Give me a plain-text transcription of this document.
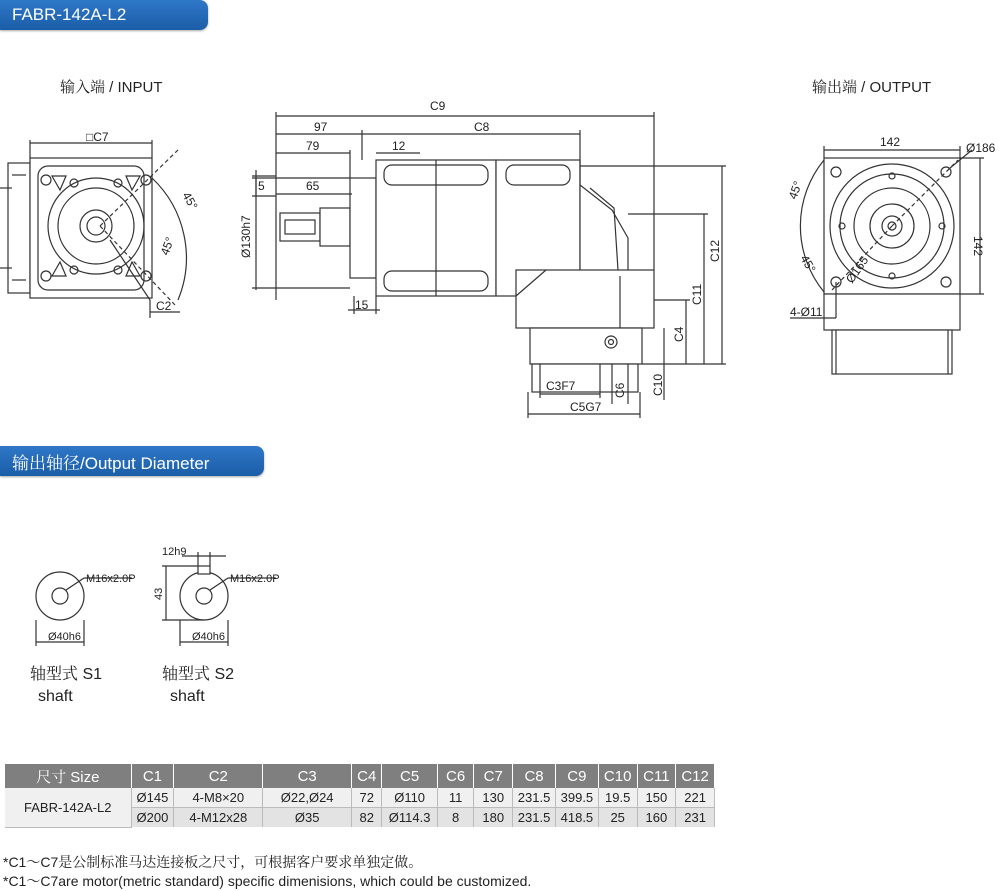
FABR-142A-L2
输入端 / INPUT	输出端 / OUTPUT
□C7
45°
45°
C2
C9
97	C8
79	12
5	65
Ø130h7	C12
C11
C4
15
C3F7	C6 C10
C5G7
142	Ø186
45°
142
45° Ø165
4-Ø11
M16x2.0P
Ø40h6
12h9
43
M16x2.0P
Ø40h6
输出轴径/Output Diameter
轴型式 S1
shaft
轴型式 S2
shaft
尺寸 Size	C1	C2	C3	C4	C5	C6	C7	C8	C9	C10	C11	C12
FABR-142A-L2	Ø145	4-M8×20	Ø22,Ø24	72	Ø110	11	130	231.5	399.5	19.5	150	221
	Ø200	4-M12x28	Ø35	82	Ø114.3	8	180	231.5	418.5	25	160	231
*C1～C7是公制标准马达连接板之尺寸，可根据客户要求单独定做。
*C1～C7are motor(metric standard) specific dimenisions, which could be customized.
